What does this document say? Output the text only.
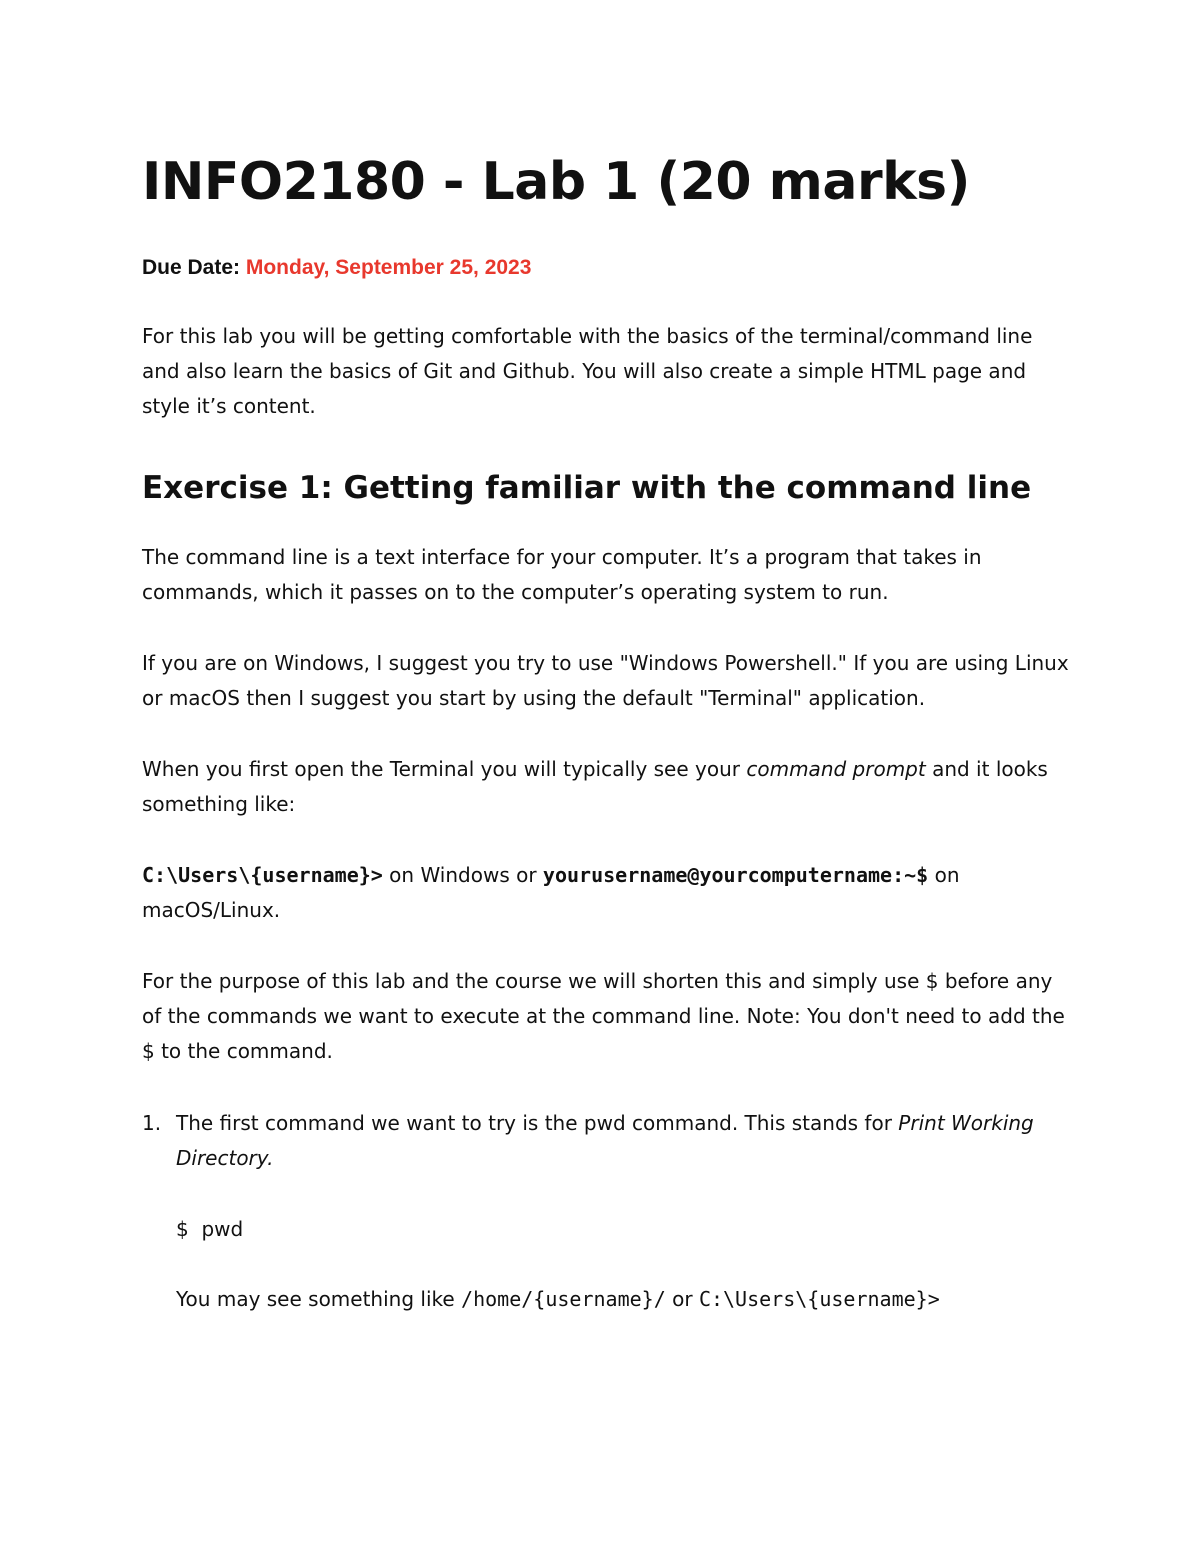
INFO2180 - Lab 1 (20 marks)
Due Date: Monday, September 25, 2023

For this lab you will be getting comfortable with the basics of the terminal/command line and also learn the basics of Git and Github. You will also create a simple HTML page and style it’s content.

Exercise 1: Getting familiar with the command line

The command line is a text interface for your computer. It’s a program that takes in commands, which it passes on to the computer’s operating system to run.

If you are on Windows, I suggest you try to use "Windows Powershell." If you are using Linux or macOS then I suggest you start by using the default "Terminal" application.

When you first open the Terminal you will typically see your command prompt and it looks something like:

C:\Users\{username}> on Windows or yourusername@yourcomputername:~$ on macOS/Linux.

For the purpose of this lab and the course we will shorten this and simply use $ before any of the commands we want to execute at the command line. Note: You don't need to add the $ to the command.

1. The first command we want to try is the pwd command. This stands for Print Working Directory.
$  pwd
You may see something like /home/{username}/ or C:\Users\{username}>
